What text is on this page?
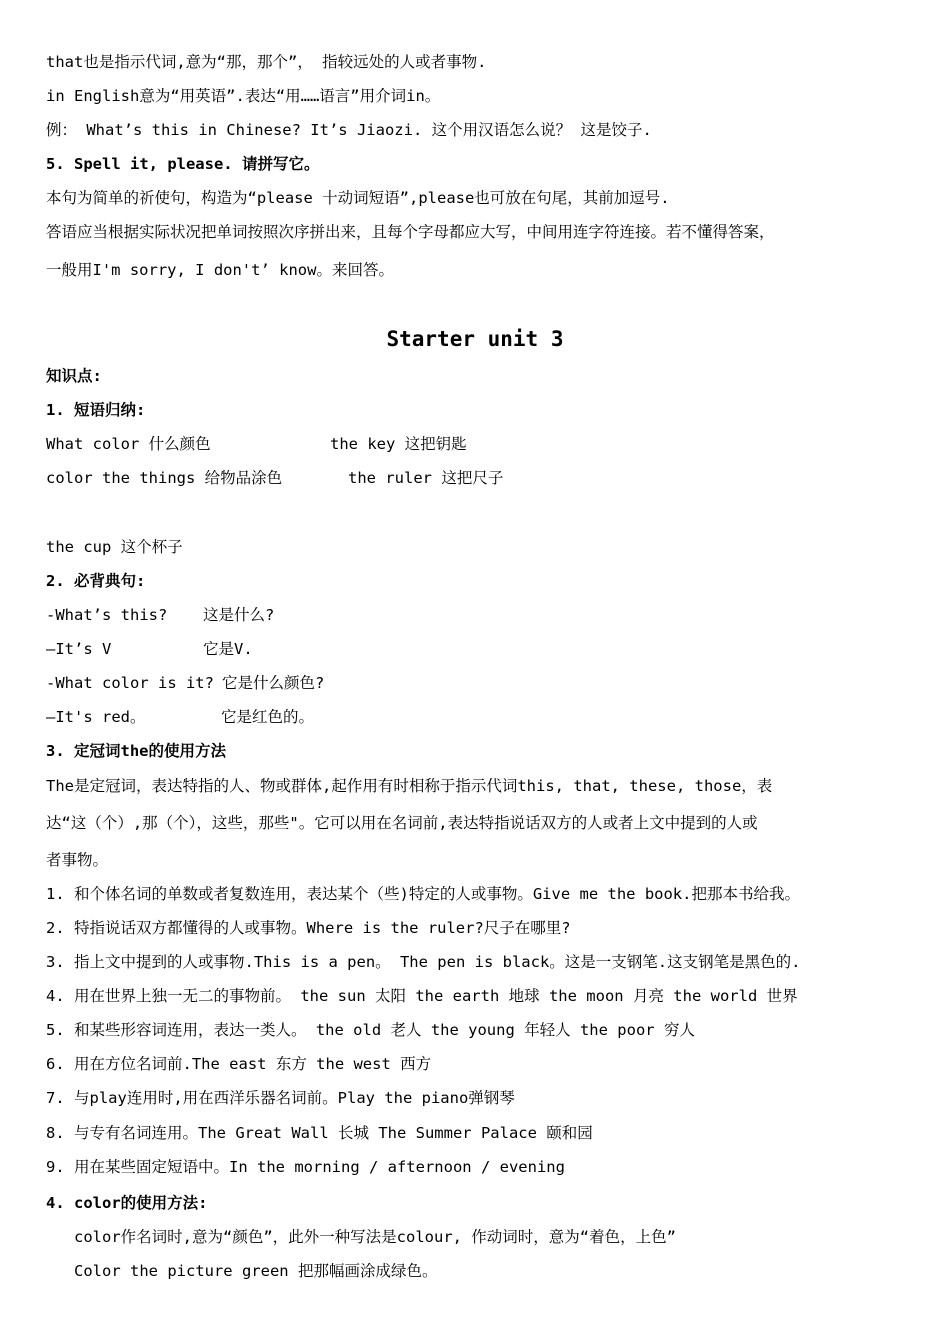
that也是指示代词,意为“那，那个”， 指较远处的人或者事物.
in English意为“用英语”.表达“用……语言”用介词in。
例： What’s this in Chinese? It’s Jiaozi. 这个用汉语怎么说？ 这是饺子.
5. Spell it, please. 请拼写它。
本句为简单的祈使句，构造为“please 十动词短语”,please也可放在句尾，其前加逗号.
答语应当根据实际状况把单词按照次序拼出来，且每个字母都应大写，中间用连字符连接。若不懂得答案，
一般用I'm sorry, I don't’ know。来回答。
Starter unit 3
知识点:
1. 短语归纳:
What color 什么颜色	the key 这把钥匙
color the things 给物品涂色	the ruler 这把尺子
the cup 这个杯子
2. 必背典句:
-What’s this? 这是什么?
—It’s V	它是V.
-What color is it? 它是什么颜色?
—It's red。	它是红色的。
3. 定冠词the的使用方法
The是定冠词，表达特指的人、物或群体,起作用有时相称于指示代词this, that, these, those，表
达“这（个）,那（个），这些，那些"。它可以用在名词前,表达特指说话双方的人或者上文中提到的人或
者事物。
1. 和个体名词的单数或者复数连用，表达某个（些)特定的人或事物。Give me the book.把那本书给我。
2. 特指说话双方都懂得的人或事物。Where is the ruler?尺子在哪里?
3. 指上文中提到的人或事物.This is a pen。 The pen is black。这是一支钢笔.这支钢笔是黑色的.
4. 用在世界上独一无二的事物前。 the sun 太阳 the earth 地球 the moon 月亮 the world 世界
5. 和某些形容词连用，表达一类人。 the old 老人 the young 年轻人 the poor 穷人
6. 用在方位名词前.The east 东方 the west 西方
7. 与play连用时,用在西洋乐器名词前。Play the piano弹钢琴
8. 与专有名词连用。The Great Wall 长城 The Summer Palace 颐和园
9. 用在某些固定短语中。In the morning / afternoon / evening
4. color的使用方法:
color作名词时,意为“颜色”，此外一种写法是colour, 作动词时，意为“着色，上色”
Color the picture green 把那幅画涂成绿色。
